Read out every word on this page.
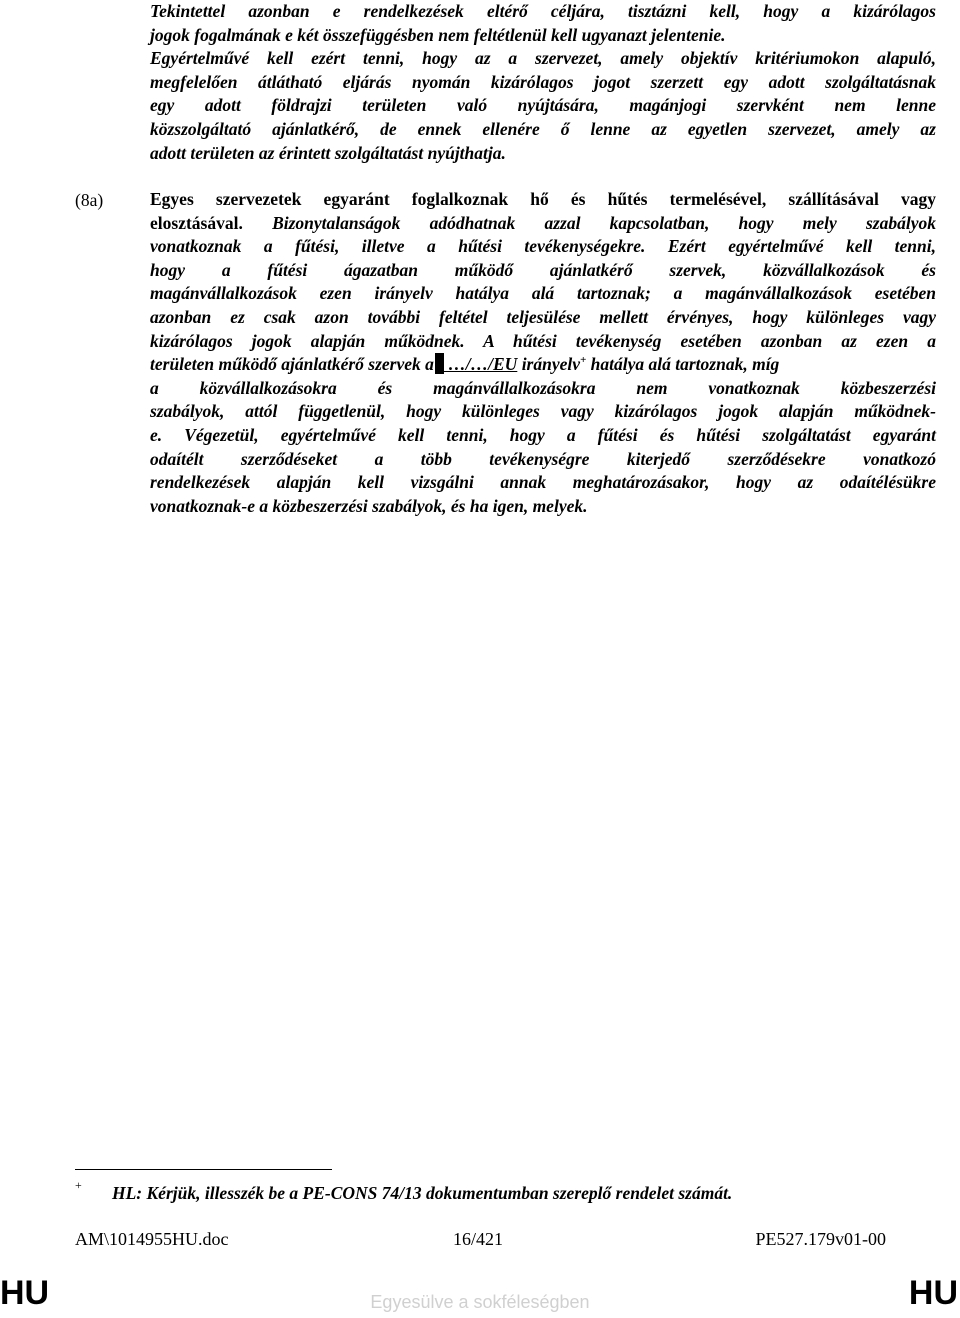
Tekintettel azonban e rendelkezések eltérő céljára, tisztázni kell, hogy a kizárólagos
jogok fogalmának e két összefüggésben nem feltétlenül kell ugyanazt jelentenie.
Egyértelművé kell ezért tenni, hogy az a szervezet, amely objektív kritériumokon alapuló,
megfelelően átlátható eljárás nyomán kizárólagos jogot szerzett egy adott szolgáltatásnak
egy adott földrajzi területen való nyújtására, magánjogi szervként nem lenne
közszolgáltató ajánlatkérő, de ennek ellenére ő lenne az egyetlen szervezet, amely az
adott területen az érintett szolgáltatást nyújthatja.
(8a)	Egyes szervezetek egyaránt foglalkoznak hő és hűtés termelésével, szállításával vagy
elosztásával. Bizonytalanságok adódhatnak azzal kapcsolatban, hogy mely szabályok
vonatkoznak a fűtési, illetve a hűtési tevékenységekre. Ezért egyértelművé kell tenni,
hogy a fűtési ágazatban működő ajánlatkérő szervek, közvállalkozások és
magánvállalkozások ezen irányelv hatálya alá tartoznak; a magánvállalkozások esetében
azonban ez csak azon további feltétel teljesülése mellett érvényes, hogy különleges vagy
kizárólagos jogok alapján működnek. A hűtési tevékenység esetében azonban az ezen a
területen működő ajánlatkérő szervek a …/…/EU irányelv+ hatálya alá tartoznak, míg
a közvállalkozásokra és magánvállalkozásokra nem vonatkoznak közbeszerzési
szabályok, attól függetlenül, hogy különleges vagy kizárólagos jogok alapján működnek-
e. Végezetül, egyértelművé kell tenni, hogy a fűtési és hűtési szolgáltatást egyaránt
odaítélt szerződéseket a több tevékenységre kiterjedő szerződésekre vonatkozó
rendelkezések alapján kell vizsgálni annak meghatározásakor, hogy az odaítélésükre
vonatkoznak-e a közbeszerzési szabályok, és ha igen, melyek.
+ HL: Kérjük, illesszék be a PE-CONS 74/13 dokumentumban szereplő rendelet számát.
AM\1014955HU.doc	16/421	PE527.179v01-00
HU	Egyesülve a sokféleségben	HU
